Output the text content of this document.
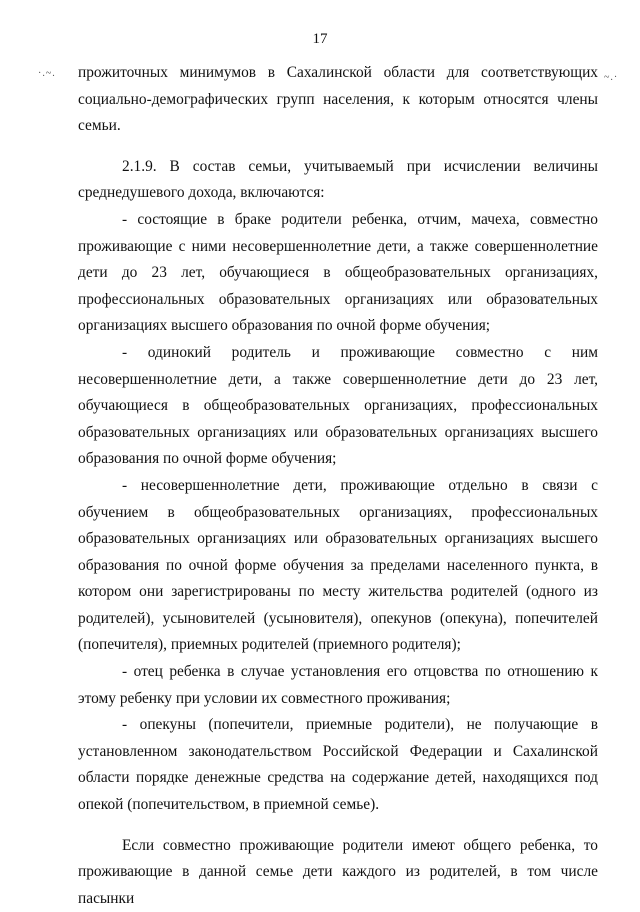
·.~.	~.·
17

прожиточных минимумов в Сахалинской области для соответствующих социально-демографических групп населения, к которым относятся члены семьи.

2.1.9. В состав семьи, учитываемый при исчислении величины среднедушевого дохода, включаются:

- состоящие в браке родители ребенка, отчим, мачеха, совместно проживающие с ними несовершеннолетние дети, а также совершеннолетние дети до 23 лет, обучающиеся в общеобразовательных организациях, профессиональных образовательных организациях или образовательных организациях высшего образования по очной форме обучения;

- одинокий родитель и проживающие совместно с ним несовершеннолетние дети, а также совершеннолетние дети до 23 лет, обучающиеся в общеобразовательных организациях, профессиональных образовательных организациях или образовательных организациях высшего образования по очной форме обучения;

- несовершеннолетние дети, проживающие отдельно в связи с обучением в общеобразовательных организациях, профессиональных образовательных организациях или образовательных организациях высшего образования по очной форме обучения за пределами населенного пункта, в котором они зарегистрированы по месту жительства родителей (одного из родителей), усыновителей (усыновителя), опекунов (опекуна), попечителей (попечителя), приемных родителей (приемного родителя);

- отец ребенка в случае установления его отцовства по отношению к этому ребенку при условии их совместного проживания;

- опекуны (попечители, приемные родители), не получающие в установленном законодательством Российской Федерации и Сахалинской области порядке денежные средства на содержание детей, находящихся под опекой (попечительством, в приемной семье).

Если совместно проживающие родители имеют общего ребенка, то проживающие в данной семье дети каждого из родителей, в том числе пасынки
